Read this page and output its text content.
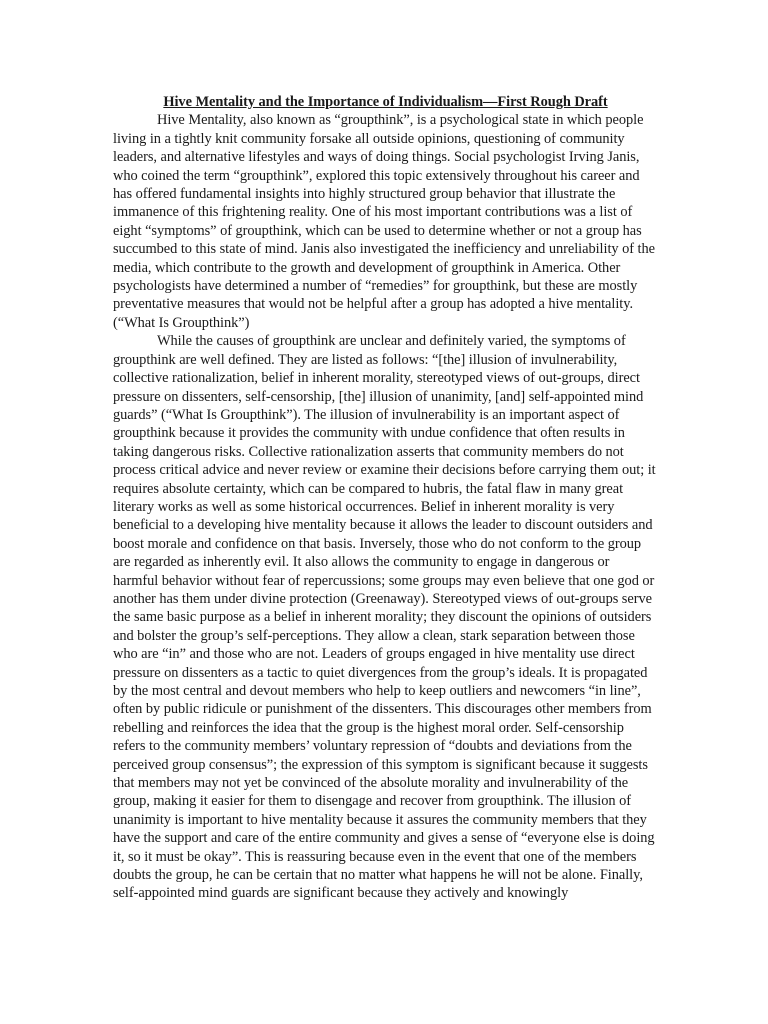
Hive Mentality and the Importance of Individualism—First Rough Draft

Hive Mentality, also known as “groupthink”, is a psychological state in which people living in a tightly knit community forsake all outside opinions, questioning of community leaders, and alternative lifestyles and ways of doing things. Social psychologist Irving Janis, who coined the term “groupthink”, explored this topic extensively throughout his career and has offered fundamental insights into highly structured group behavior that illustrate the immanence of this frightening reality. One of his most important contributions was a list of eight “symptoms” of groupthink, which can be used to determine whether or not a group has succumbed to this state of mind. Janis also investigated the inefficiency and unreliability of the media, which contribute to the growth and development of groupthink in America. Other psychologists have determined a number of “remedies” for groupthink, but these are mostly preventative measures that would not be helpful after a group has adopted a hive mentality. (“What Is Groupthink”)

While the causes of groupthink are unclear and definitely varied, the symptoms of groupthink are well defined. They are listed as follows: “[the] illusion of invulnerability, collective rationalization, belief in inherent morality, stereotyped views of out-groups, direct pressure on dissenters, self-censorship, [the] illusion of unanimity, [and] self-appointed mind guards” (“What Is Groupthink”). The illusion of invulnerability is an important aspect of groupthink because it provides the community with undue confidence that often results in taking dangerous risks. Collective rationalization asserts that community members do not process critical advice and never review or examine their decisions before carrying them out; it requires absolute certainty, which can be compared to hubris, the fatal flaw in many great literary works as well as some historical occurrences. Belief in inherent morality is very beneficial to a developing hive mentality because it allows the leader to discount outsiders and boost morale and confidence on that basis. Inversely, those who do not conform to the group are regarded as inherently evil. It also allows the community to engage in dangerous or harmful behavior without fear of repercussions; some groups may even believe that one god or another has them under divine protection (Greenaway). Stereotyped views of out-groups serve the same basic purpose as a belief in inherent morality; they discount the opinions of outsiders and bolster the group’s self-perceptions. They allow a clean, stark separation between those who are “in” and those who are not. Leaders of groups engaged in hive mentality use direct pressure on dissenters as a tactic to quiet divergences from the group’s ideals. It is propagated by the most central and devout members who help to keep outliers and newcomers “in line”, often by public ridicule or punishment of the dissenters. This discourages other members from rebelling and reinforces the idea that the group is the highest moral order. Self-censorship refers to the community members’ voluntary repression of “doubts and deviations from the perceived group consensus”; the expression of this symptom is significant because it suggests that members may not yet be convinced of the absolute morality and invulnerability of the group, making it easier for them to disengage and recover from groupthink. The illusion of unanimity is important to hive mentality because it assures the community members that they have the support and care of the entire community and gives a sense of “everyone else is doing it, so it must be okay”. This is reassuring because even in the event that one of the members doubts the group, he can be certain that no matter what happens he will not be alone. Finally, self-appointed mind guards are significant because they actively and knowingly
